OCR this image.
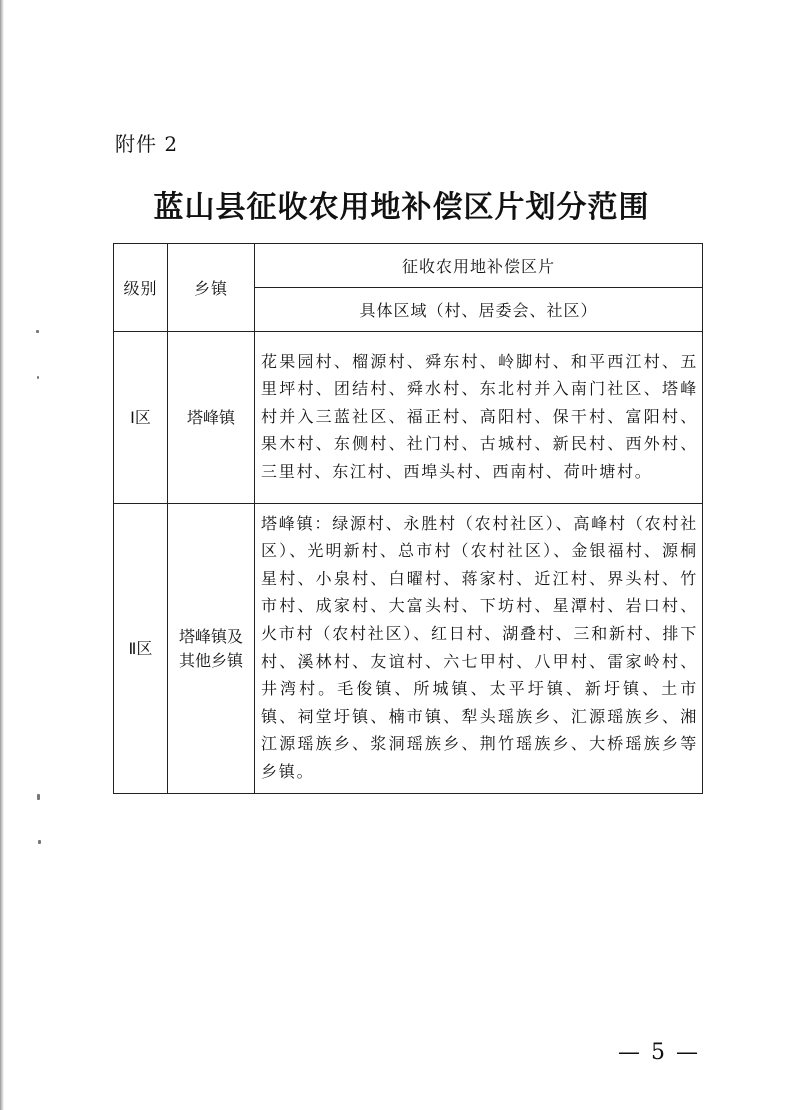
附件 2
蓝山县征收农用地补偿区片划分范围
级别	乡镇	征收农用地补偿区片
		具体区域（村、居委会、社区）
Ⅰ区	塔峰镇	花果园村、榴源村、舜东村、岭脚村、和平西江村、五里坪村、团结村、舜水村、东北村并入南门社区、塔峰村并入三蓝社区、福正村、高阳村、保干村、富阳村、果木村、东侧村、社门村、古城村、新民村、西外村、三里村、东江村、西埠头村、西南村、荷叶塘村。
Ⅱ区	塔峰镇及其他乡镇	塔峰镇：绿源村、永胜村（农村社区）、高峰村（农村社区）、光明新村、总市村（农村社区）、金银福村、源桐星村、小泉村、白曜村、蒋家村、近江村、界头村、竹市村、成家村、大富头村、下坊村、星潭村、岩口村、火市村（农村社区）、红日村、湖叠村、三和新村、排下村、溪林村、友谊村、六七甲村、八甲村、雷家岭村、井湾村。毛俊镇、所城镇、太平圩镇、新圩镇、土市镇、祠堂圩镇、楠市镇、犁头瑶族乡、汇源瑶族乡、湘江源瑶族乡、浆洞瑶族乡、荆竹瑶族乡、大桥瑶族乡等乡镇。
— 5 —
